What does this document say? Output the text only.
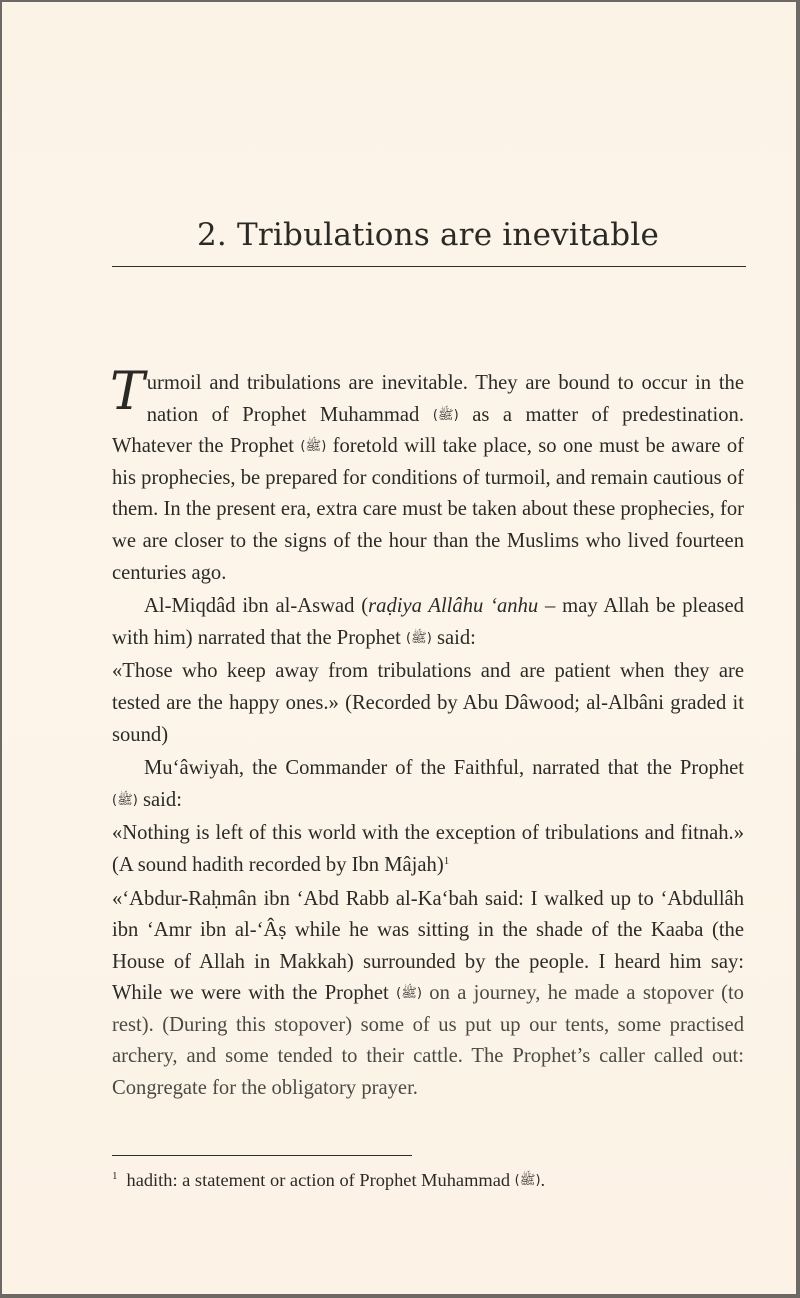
2. Tribulations are inevitable

Turmoil and tribulations are inevitable. They are bound to occur in the nation of Prophet Muhammad (ﷺ) as a matter of predestination. Whatever the Prophet (ﷺ) foretold will take place, so one must be aware of his prophecies, be prepared for conditions of turmoil, and remain cautious of them. In the present era, extra care must be taken about these prophecies, for we are closer to the signs of the hour than the Muslims who lived fourteen centuries ago.

Al-Miqdâd ibn al-Aswad (raḍiya Allâhu ‘anhu – may Allah be pleased with him) narrated that the Prophet (ﷺ) said:

«Those who keep away from tribulations and are patient when they are tested are the happy ones.» (Recorded by Abu Dâwood; al-Albâni graded it sound)

Mu‘âwiyah, the Commander of the Faithful, narrated that the Prophet (ﷺ) said:

«Nothing is left of this world with the exception of tribulations and fitnah.» (A sound hadith recorded by Ibn Mâjah)$^1$

«‘Abdur-Raḥmân ibn ‘Abd Rabb al-Ka‘bah said: I walked up to ‘Abdullâh ibn ‘Amr ibn al-‘Âṣ while he was sitting in the shade of the Kaaba (the House of Allah in Makkah) surrounded by the people. I heard him say: While we were with the Prophet (ﷺ) on a journey, he made a stopover (to rest). (During this stopover) some of us put up our tents, some practised archery, and some tended to their cattle. The Prophet’s caller called out: Congregate for the obligatory prayer.

$^1$ hadith: a statement or action of Prophet Muhammad (ﷺ).
